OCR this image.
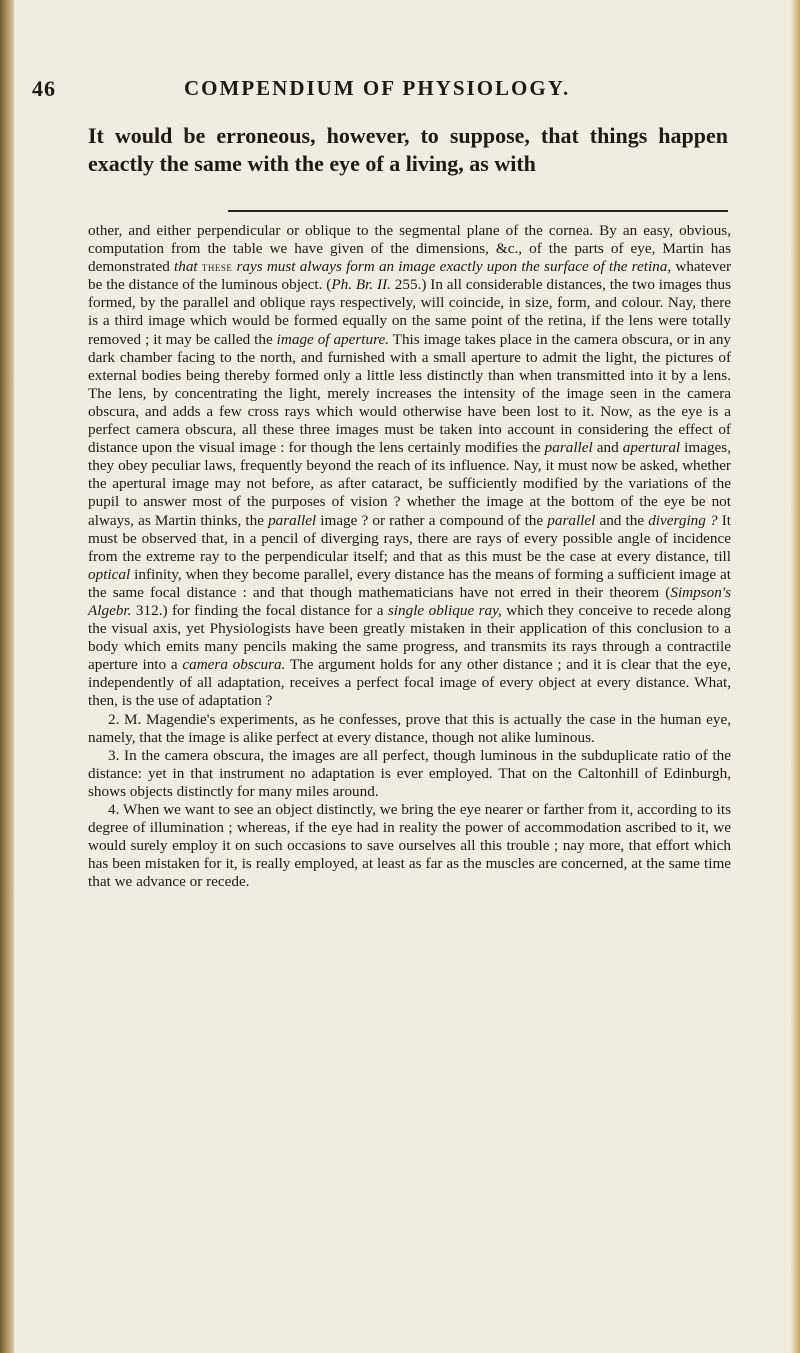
46	COMPENDIUM OF PHYSIOLOGY.
It would be erroneous, however, to suppose, that things happen exactly the same with the eye of a living, as with

other, and either perpendicular or oblique to the segmental plane of the cornea. By an easy, obvious, computation from the table we have given of the dimensions, &c., of the parts of eye, Martin has demonstrated that these rays must always form an image exactly upon the surface of the retina, whatever be the distance of the luminous object. (Ph. Br. II. 255.) In all considerable distances, the two images thus formed, by the parallel and oblique rays respectively, will coincide, in size, form, and colour. Nay, there is a third image which would be formed equally on the same point of the retina, if the lens were totally removed ; it may be called the image of aperture. This image takes place in the camera obscura, or in any dark chamber facing to the north, and furnished with a small aperture to admit the light, the pictures of external bodies being thereby formed only a little less distinctly than when transmitted into it by a lens. The lens, by concentrating the light, merely increases the intensity of the image seen in the camera obscura, and adds a few cross rays which would otherwise have been lost to it. Now, as the eye is a perfect camera obscura, all these three images must be taken into account in considering the effect of distance upon the visual image : for though the lens certainly modifies the parallel and apertural images, they obey peculiar laws, frequently beyond the reach of its influence. Nay, it must now be asked, whether the apertural image may not before, as after cataract, be sufficiently modified by the variations of the pupil to answer most of the purposes of vision ? whether the image at the bottom of the eye be not always, as Martin thinks, the parallel image ? or rather a compound of the parallel and the diverging ? It must be observed that, in a pencil of diverging rays, there are rays of every possible angle of incidence from the extreme ray to the perpendicular itself; and that as this must be the case at every distance, till optical infinity, when they become parallel, every distance has the means of forming a sufficient image at the same focal distance : and that though mathematicians have not erred in their theorem (Simpson's Algebr. 312.) for finding the focal distance for a single oblique ray, which they conceive to recede along the visual axis, yet Physiologists have been greatly mistaken in their application of this conclusion to a body which emits many pencils making the same progress, and transmits its rays through a contractile aperture into a camera obscura. The argument holds for any other distance ; and it is clear that the eye, independently of all adaptation, receives a perfect focal image of every object at every distance. What, then, is the use of adaptation ?

2. M. Magendie's experiments, as he confesses, prove that this is actually the case in the human eye, namely, that the image is alike perfect at every distance, though not alike luminous.

3. In the camera obscura, the images are all perfect, though luminous in the subduplicate ratio of the distance: yet in that instrument no adaptation is ever employed. That on the Caltonhill of Edinburgh, shows objects distinctly for many miles around.

4. When we want to see an object distinctly, we bring the eye nearer or farther from it, according to its degree of illumination ; whereas, if the eye had in reality the power of accommodation ascribed to it, we would surely employ it on such occasions to save ourselves all this trouble ; nay more, that effort which has been mistaken for it, is really employed, at least as far as the muscles are concerned, at the same time that we advance or recede.
